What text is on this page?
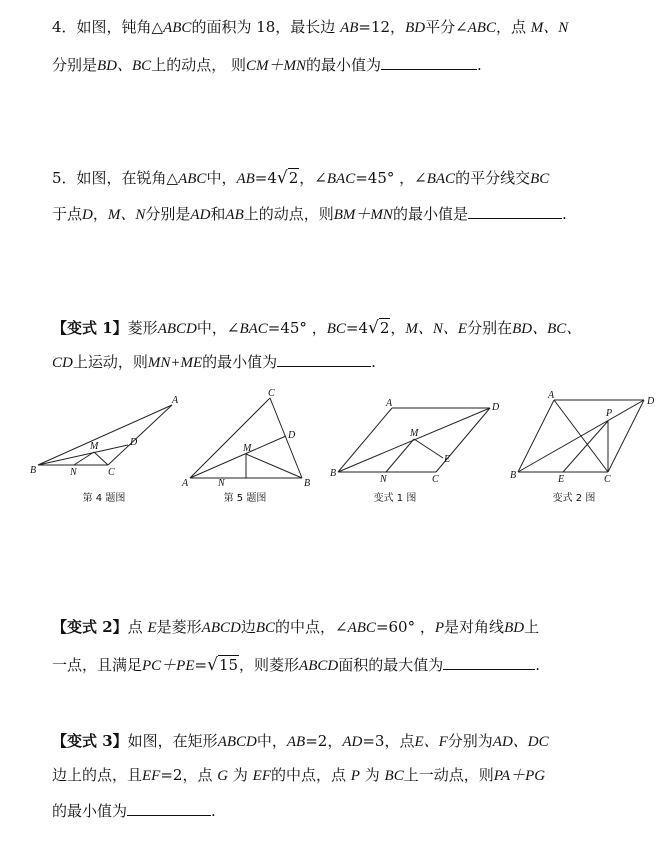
4．如图，钝角△ABC的面积为 18，最长边 AB=12，BD平分∠ABC，点 M、N
分别是BD、BC上的动点， 则CM＋MN的最小值为	.
5．如图，在锐角△ABC中，AB=4√2，∠BAC=45° ，∠BAC的平分线交BC
于点D，M、N分别是AD和AB上的动点，则BM＋MN的最小值是	.
【变式 1】菱形ABCD中，∠BAC=45° ，BC=4√2，M、N、E分别在BD、BC、
CD上运动，则MN+ME的最小值为	.
A
B
M
N	C
D
第 4 题图
C
D
M
A	N	B
第 5 题图
A	D
M
E
B
N	C
变式 1 图
A
D
P
B	E	C
变式 2 图
【变式 2】点 E是菱形ABCD边BC的中点，∠ABC=60° ，P是对角线BD上
一点，且满足PC＋PE=√15，则菱形ABCD面积的最大值为	.
【变式 3】如图，在矩形ABCD中，AB=2，AD=3，点E、F分别为AD、DC
边上的点，且EF=2，点 G 为 EF的中点，点 P 为 BC上一动点，则PA＋PG
的最小值为	.
